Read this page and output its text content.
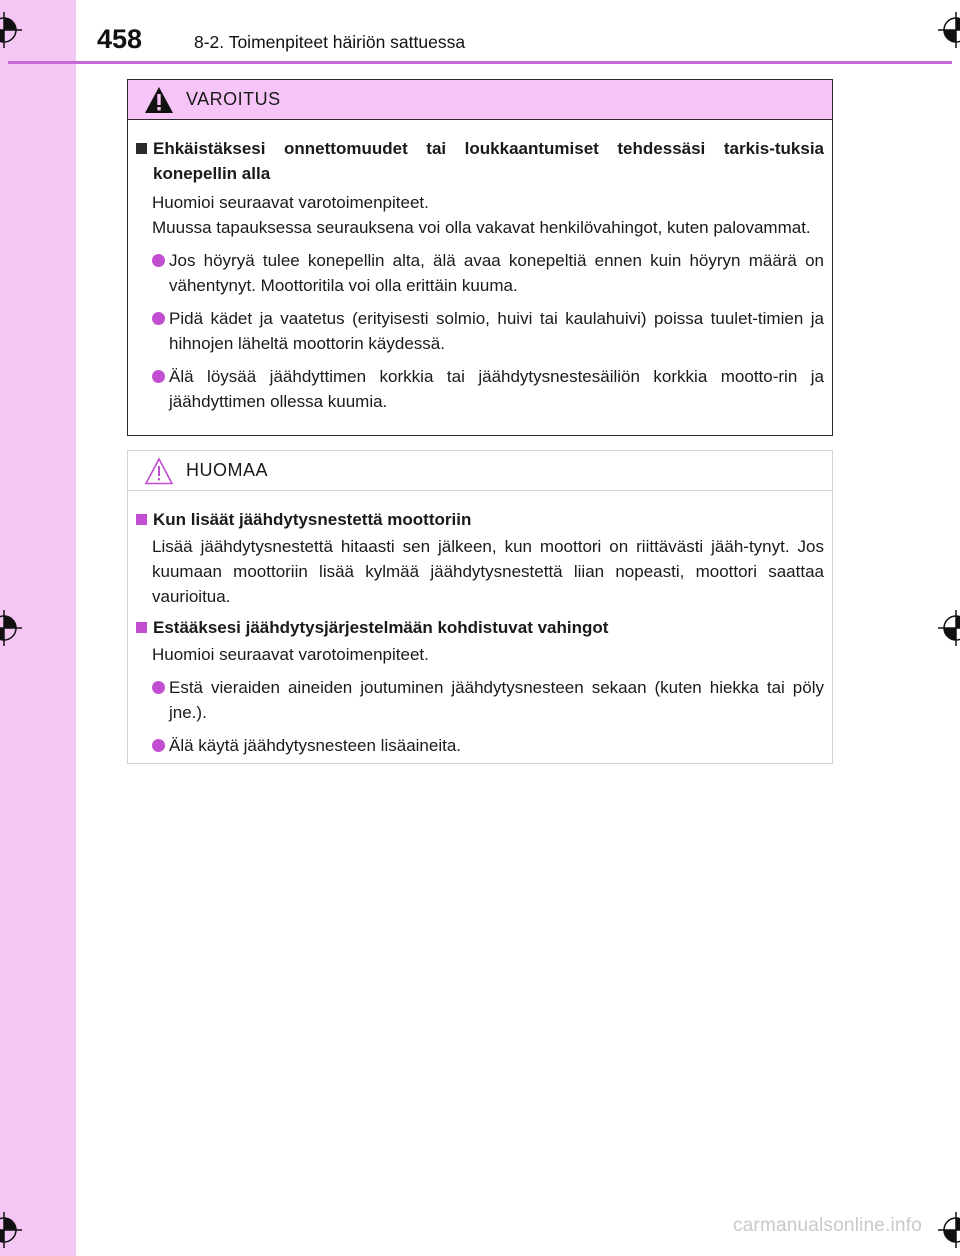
458	8-2. Toimenpiteet häiriön sattuessa
VAROITUS
Ehkäistäksesi onnettomuudet tai loukkaantumiset tehdessäsi tarkis-tuksia konepellin alla

Huomioi seuraavat varotoimenpiteet.

Muussa tapauksessa seurauksena voi olla vakavat henkilövahingot, kuten palovammat.

Jos höyryä tulee konepellin alta, älä avaa konepeltiä ennen kuin höyryn määrä on vähentynyt. Moottoritila voi olla erittäin kuuma.
Pidä kädet ja vaatetus (erityisesti solmio, huivi tai kaulahuivi) poissa tuulet-timien ja hihnojen läheltä moottorin käydessä.
Älä löysää jäähdyttimen korkkia tai jäähdytysnestesäiliön korkkia mootto-rin ja jäähdyttimen ollessa kuumia.
HUOMAA
Kun lisäät jäähdytysnestettä moottoriin

Lisää jäähdytysnestettä hitaasti sen jälkeen, kun moottori on riittävästi jääh-tynyt. Jos kuumaan moottoriin lisää kylmää jäähdytysnestettä liian nopeasti, moottori saattaa vaurioitua.

Estääksesi jäähdytysjärjestelmään kohdistuvat vahingot

Huomioi seuraavat varotoimenpiteet.

Estä vieraiden aineiden joutuminen jäähdytysnesteen sekaan (kuten hiekka tai pöly jne.).
Älä käytä jäähdytysnesteen lisäaineita.
carmanualsonline.info
